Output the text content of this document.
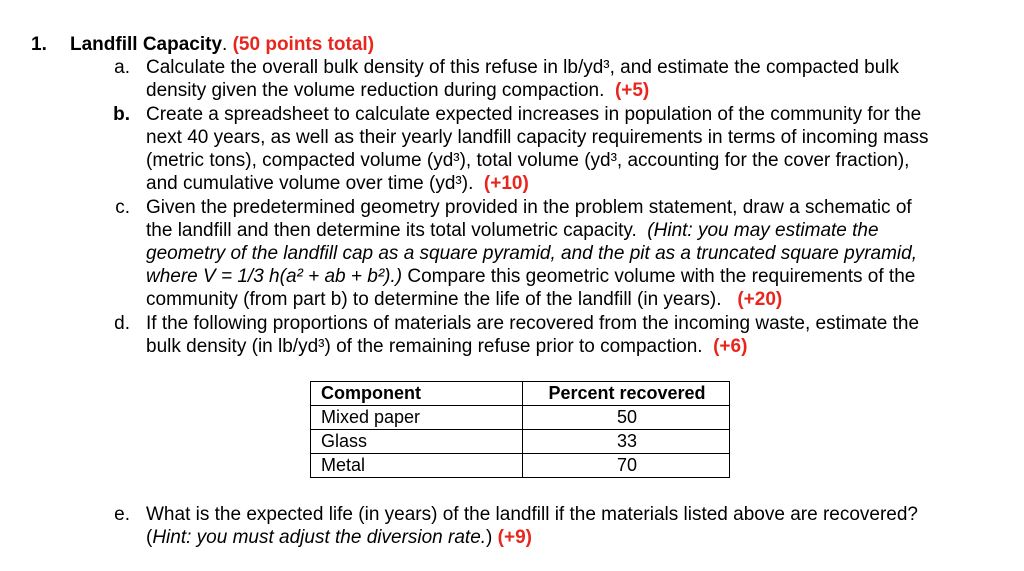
1. Landfill Capacity. (50 points total)
a. Calculate the overall bulk density of this refuse in lb/yd³, and estimate the compacted bulk
density given the volume reduction during compaction. (+5)
b. Create a spreadsheet to calculate expected increases in population of the community for the
next 40 years, as well as their yearly landfill capacity requirements in terms of incoming mass
(metric tons), compacted volume (yd³), total volume (yd³, accounting for the cover fraction),
and cumulative volume over time (yd³). (+10)
c. Given the predetermined geometry provided in the problem statement, draw a schematic of
the landfill and then determine its total volumetric capacity. (Hint: you may estimate the
geometry of the landfill cap as a square pyramid, and the pit as a truncated square pyramid,
where V = 1/3 h(a² + ab + b²).) Compare this geometric volume with the requirements of the
community (from part b) to determine the life of the landfill (in years). (+20)
d. If the following proportions of materials are recovered from the incoming waste, estimate the
bulk density (in lb/yd³) of the remaining refuse prior to compaction. (+6)
Component	Percent recovered
Mixed paper	50
Glass	33
Metal	70
e. What is the expected life (in years) of the landfill if the materials listed above are recovered?
(Hint: you must adjust the diversion rate.) (+9)
